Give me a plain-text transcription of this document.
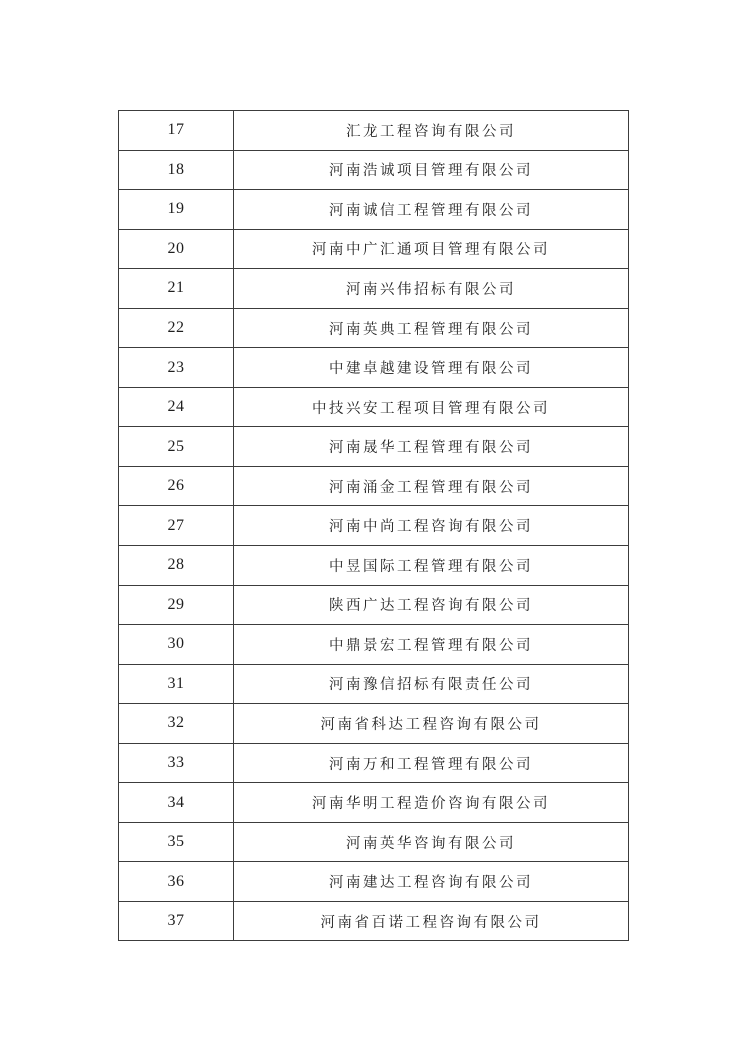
17	汇龙工程咨询有限公司
18	河南浩诚项目管理有限公司
19	河南诚信工程管理有限公司
20	河南中广汇通项目管理有限公司
21	河南兴伟招标有限公司
22	河南英典工程管理有限公司
23	中建卓越建设管理有限公司
24	中技兴安工程项目管理有限公司
25	河南晟华工程管理有限公司
26	河南涌金工程管理有限公司
27	河南中尚工程咨询有限公司
28	中昱国际工程管理有限公司
29	陕西广达工程咨询有限公司
30	中鼎景宏工程管理有限公司
31	河南豫信招标有限责任公司
32	河南省科达工程咨询有限公司
33	河南万和工程管理有限公司
34	河南华明工程造价咨询有限公司
35	河南英华咨询有限公司
36	河南建达工程咨询有限公司
37	河南省百诺工程咨询有限公司
